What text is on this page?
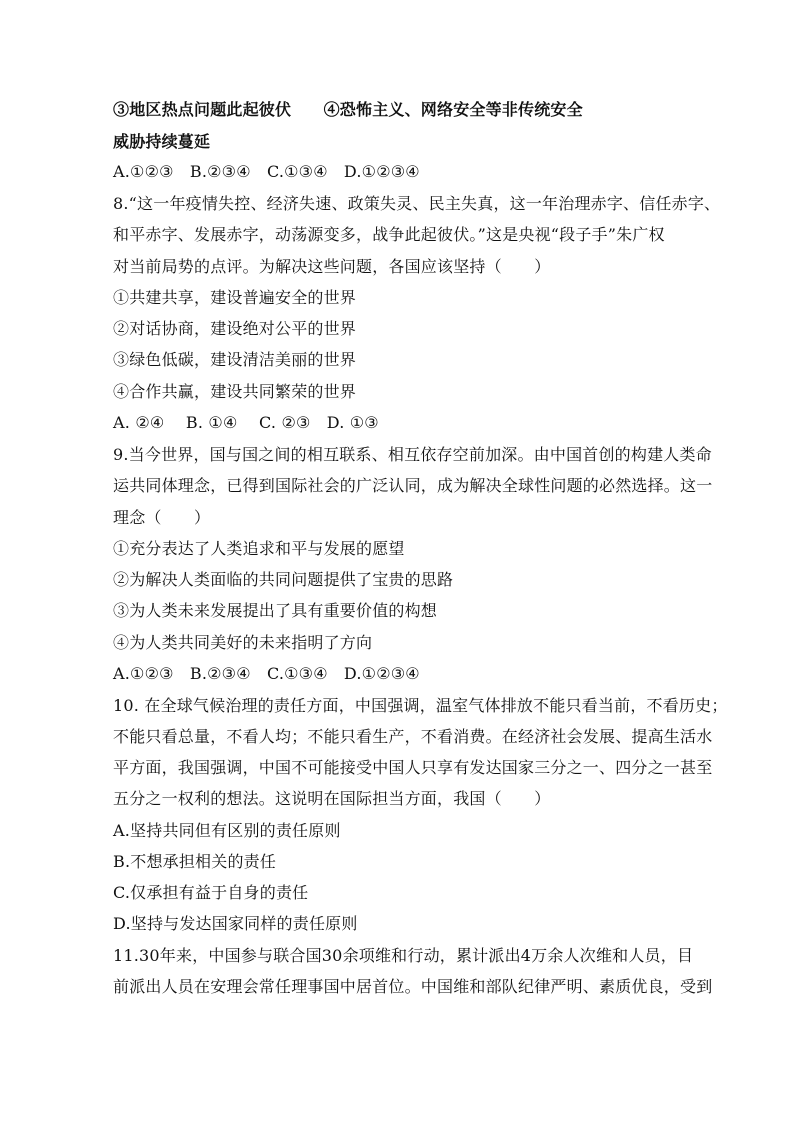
③地区热点问题此起彼伏　　④恐怖主义、网络安全等非传统安全
威胁持续蔓延
A.①②③　B.②③④　C.①③④　D.①②③④
8.“这一年疫情失控、经济失速、政策失灵、民主失真，这一年治理赤字、信任赤字、
和平赤字、发展赤字，动荡源变多，战争此起彼伏。”这是央视“段子手”朱广权
对当前局势的点评。为解决这些问题，各国应该坚持（　　）
①共建共享，建设普遍安全的世界
②对话协商，建设绝对公平的世界
③绿色低碳，建设清洁美丽的世界
④合作共赢，建设共同繁荣的世界
A. ②④　 B. ①④　 C. ②③　D. ①③
9.当今世界，国与国之间的相互联系、相互依存空前加深。由中国首创的构建人类命
运共同体理念，已得到国际社会的广泛认同，成为解决全球性问题的必然选择。这一
理念（　　）
①充分表达了人类追求和平与发展的愿望
②为解决人类面临的共同问题提供了宝贵的思路
③为人类未来发展提出了具有重要价值的构想
④为人类共同美好的未来指明了方向
A.①②③　B.②③④　C.①③④　D.①②③④
10. 在全球气候治理的责任方面，中国强调，温室气体排放不能只看当前，不看历史；
不能只看总量，不看人均；不能只看生产，不看消费。在经济社会发展、提高生活水
平方面，我国强调，中国不可能接受中国人只享有发达国家三分之一、四分之一甚至
五分之一权利的想法。这说明在国际担当方面，我国（　　）
A.坚持共同但有区别的责任原则
B.不想承担相关的责任
C.仅承担有益于自身的责任
D.坚持与发达国家同样的责任原则
11.30年来，中国参与联合国30余项维和行动，累计派出4万余人次维和人员，目
前派出人员在安理会常任理事国中居首位。中国维和部队纪律严明、素质优良，受到
